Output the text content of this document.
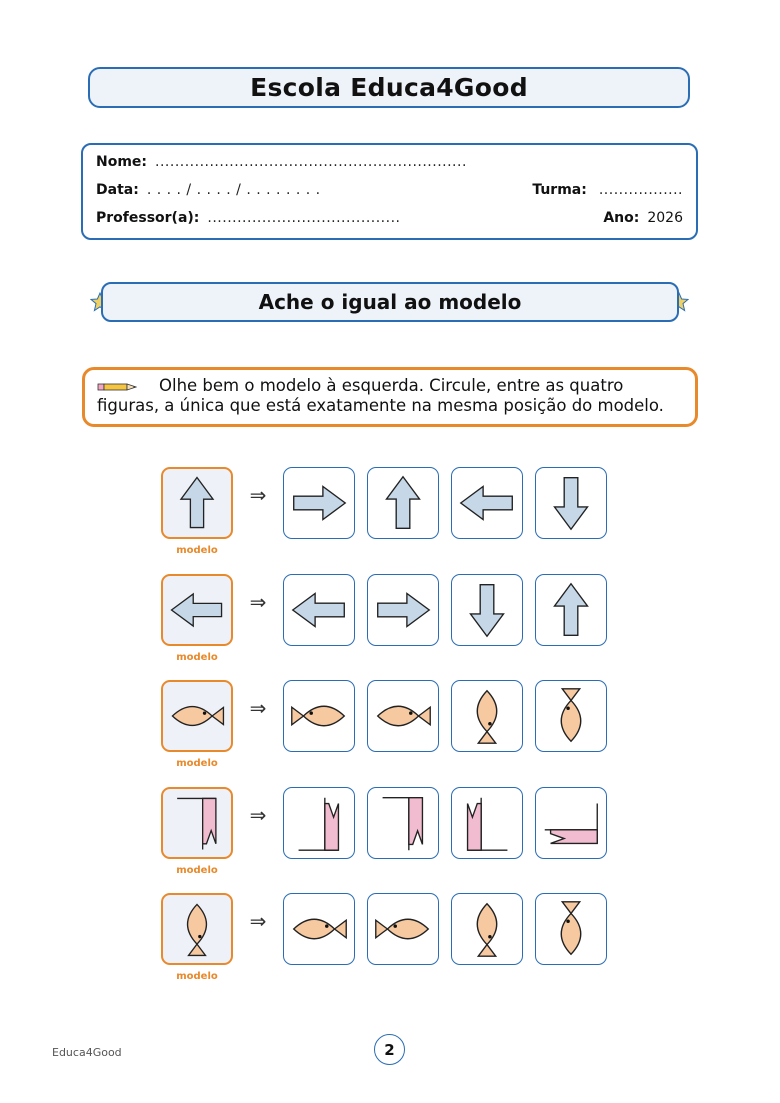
Escola Educa4Good
Nome: ...............................................................
Data: . . . . / . . . . / . . . . . . . .	Turma: .................
Professor(a): .......................................	Ano: 2026
Ache o igual ao modelo
Olhe bem o modelo à esquerda. Circule, entre as quatro figuras, a única que está exatamente na mesma posição do modelo.
modelo
⇒
modelo
⇒
modelo
⇒
modelo
⇒
modelo
⇒
Educa4Good	2
